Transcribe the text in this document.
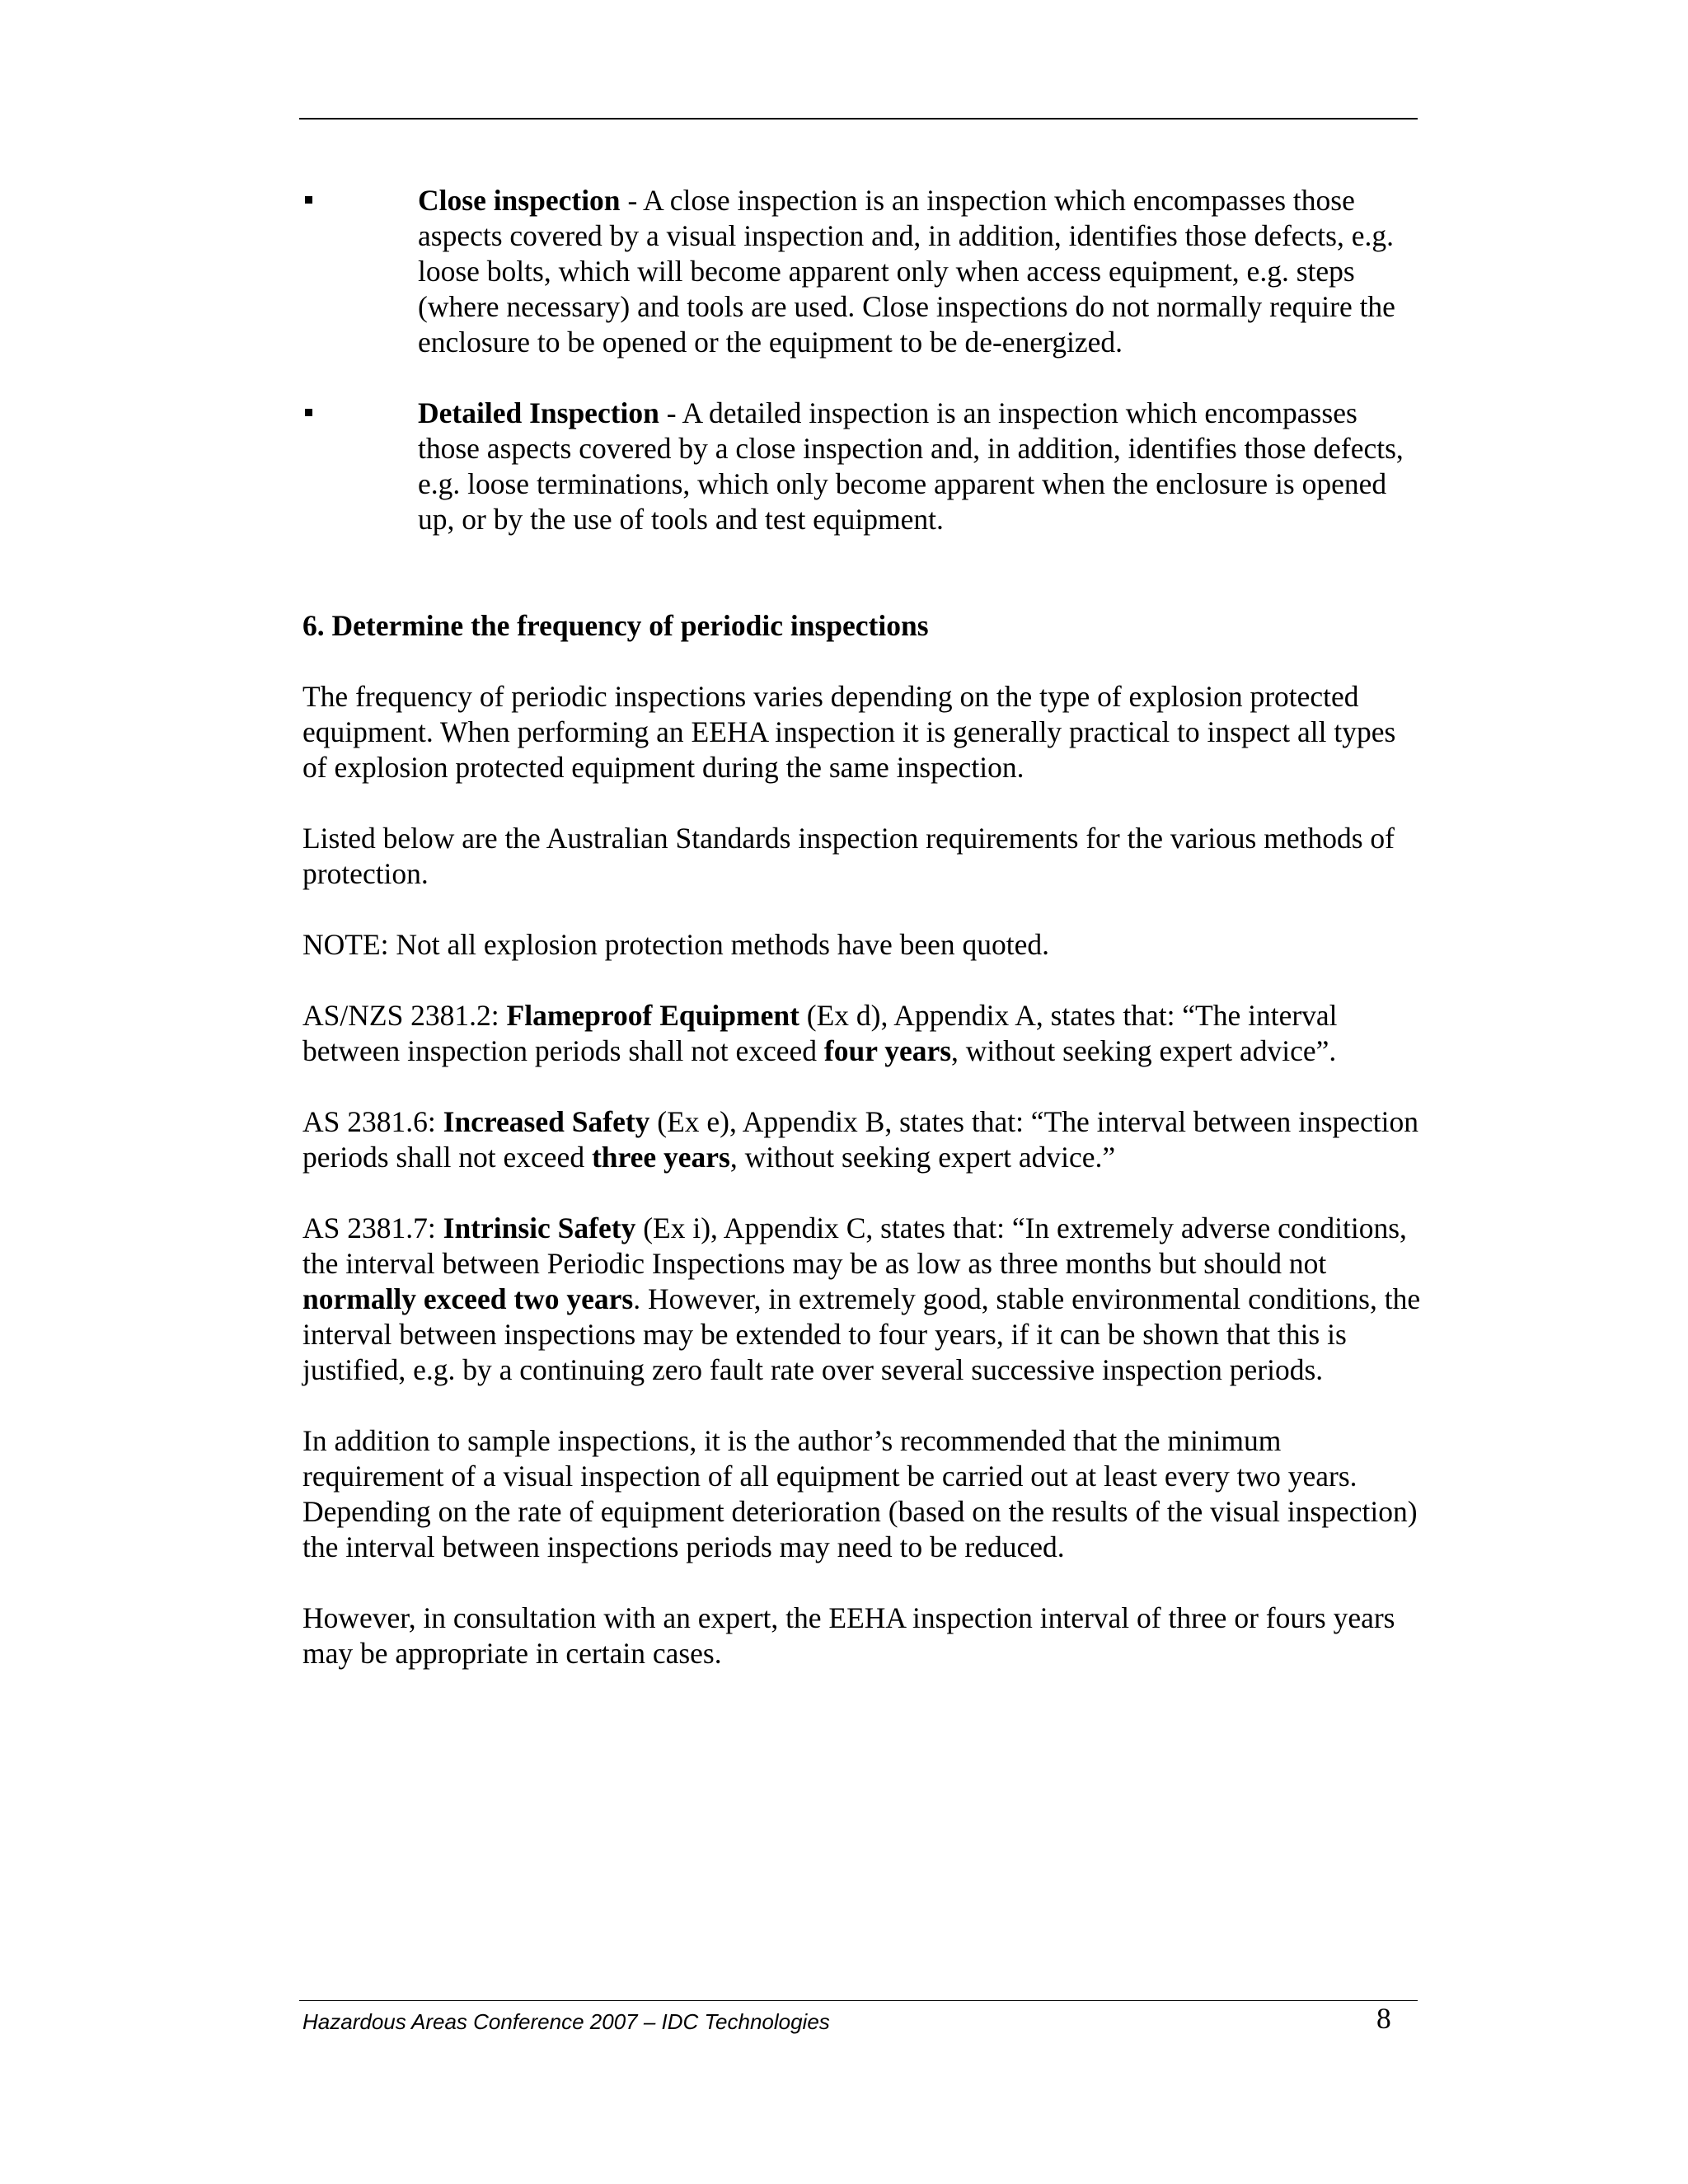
Close inspection - A close inspection is an inspection which encompasses those aspects covered by a visual inspection and, in addition, identifies those defects, e.g. loose bolts, which will become apparent only when access equipment, e.g. steps (where necessary) and tools are used. Close inspections do not normally require the enclosure to be opened or the equipment to be de-energized.
Detailed Inspection - A detailed inspection is an inspection which encompasses those aspects covered by a close inspection and, in addition, identifies those defects, e.g. loose terminations, which only become apparent when the enclosure is opened up, or by the use of tools and test equipment.
6. Determine the frequency of periodic inspections

The frequency of periodic inspections varies depending on the type of explosion protected equipment. When performing an EEHA inspection it is generally practical to inspect all types of explosion protected equipment during the same inspection.

Listed below are the Australian Standards inspection requirements for the various methods of protection.

NOTE: Not all explosion protection methods have been quoted.

AS/NZS 2381.2: Flameproof Equipment (Ex d), Appendix A, states that: “The interval between inspection periods shall not exceed four years, without seeking expert advice”.

AS 2381.6: Increased Safety (Ex e), Appendix B, states that: “The interval between inspection periods shall not exceed three years, without seeking expert advice.”

AS 2381.7: Intrinsic Safety (Ex i), Appendix C, states that: “In extremely adverse conditions, the interval between Periodic Inspections may be as low as three months but should not normally exceed two years. However, in extremely good, stable environmental conditions, the interval between inspections may be extended to four years, if it can be shown that this is justified, e.g. by a continuing zero fault rate over several successive inspection periods.

In addition to sample inspections, it is the author’s recommended that the minimum requirement of a visual inspection of all equipment be carried out at least every two years. Depending on the rate of equipment deterioration (based on the results of the visual inspection) the interval between inspections periods may need to be reduced.

However, in consultation with an expert, the EEHA inspection interval of three or fours years may be appropriate in certain cases.

Hazardous Areas Conference 2007 – IDC Technologies	8
